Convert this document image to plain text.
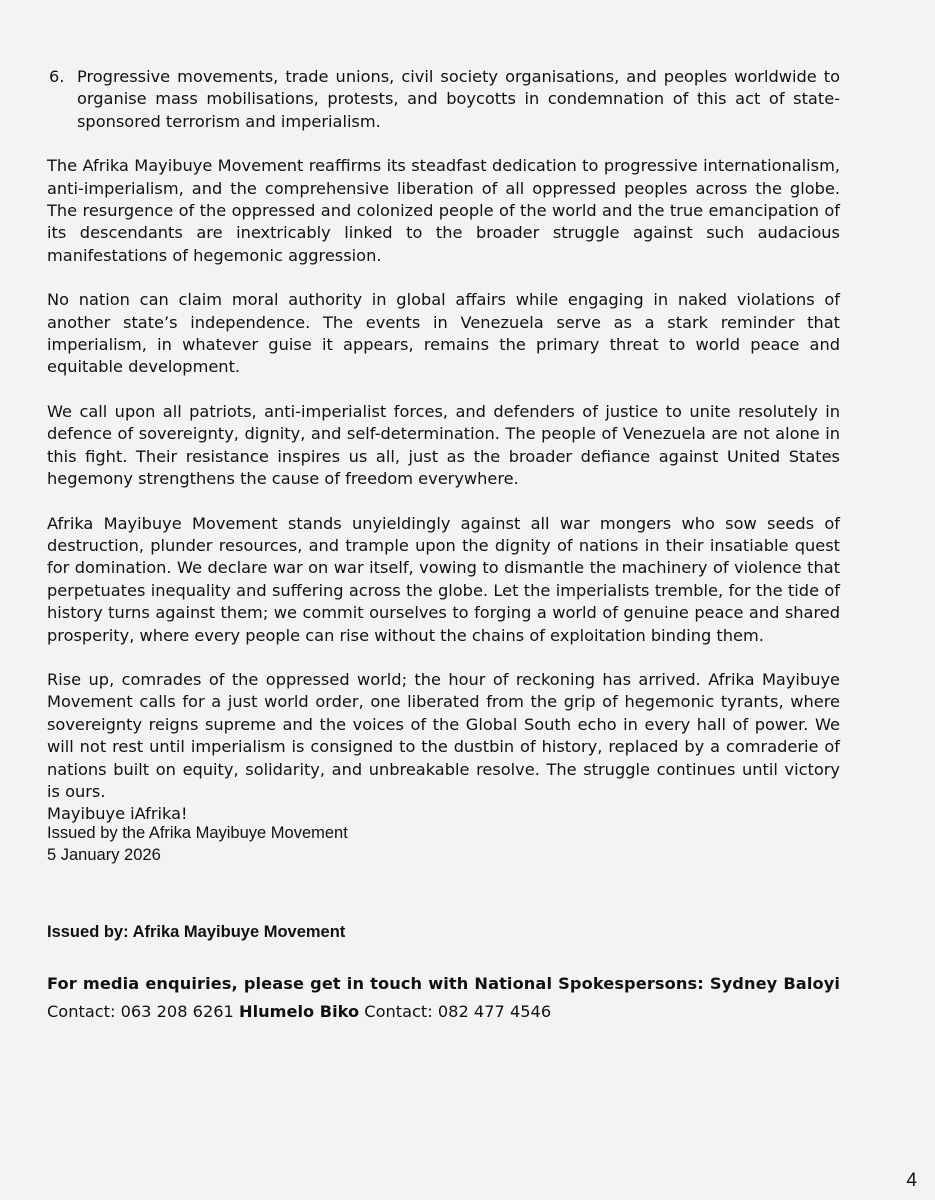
6. Progressive movements, trade unions, civil society organisations, and peoples worldwide to organise mass mobilisations, protests, and boycotts in condemnation of this act of state-sponsored terrorism and imperialism.

The Afrika Mayibuye Movement reaffirms its steadfast dedication to progressive internationalism, anti-imperialism, and the comprehensive liberation of all oppressed peoples across the globe. The resurgence of the oppressed and colonized people of the world and the true emancipation of its descendants are inextricably linked to the broader struggle against such audacious manifestations of hegemonic aggression.

No nation can claim moral authority in global affairs while engaging in naked violations of another state’s independence. The events in Venezuela serve as a stark reminder that imperialism, in whatever guise it appears, remains the primary threat to world peace and equitable development.

We call upon all patriots, anti-imperialist forces, and defenders of justice to unite resolutely in defence of sovereignty, dignity, and self-determination. The people of Venezuela are not alone in this fight. Their resistance inspires us all, just as the broader defiance against United States hegemony strengthens the cause of freedom everywhere.

Afrika Mayibuye Movement stands unyieldingly against all war mongers who sow seeds of destruction, plunder resources, and trample upon the dignity of nations in their insatiable quest for domination. We declare war on war itself, vowing to dismantle the machinery of violence that perpetuates inequality and suffering across the globe. Let the imperialists tremble, for the tide of history turns against them; we commit ourselves to forging a world of genuine peace and shared prosperity, where every people can rise without the chains of exploitation binding them.

Rise up, comrades of the oppressed world; the hour of reckoning has arrived. Afrika Mayibuye Movement calls for a just world order, one liberated from the grip of hegemonic tyrants, where sovereignty reigns supreme and the voices of the Global South echo in every hall of power. We will not rest until imperialism is consigned to the dustbin of history, replaced by a comraderie of nations built on equity, solidarity, and unbreakable resolve. The struggle continues until victory is ours.

Mayibuye iAfrika!

Issued by the Afrika Mayibuye Movement
5 January 2026
Issued by: Afrika Mayibuye Movement
For media enquiries, please get in touch with National Spokespersons: Sydney Baloyi
Contact: 063 208 6261 Hlumelo Biko Contact: 082 477 4546
4
